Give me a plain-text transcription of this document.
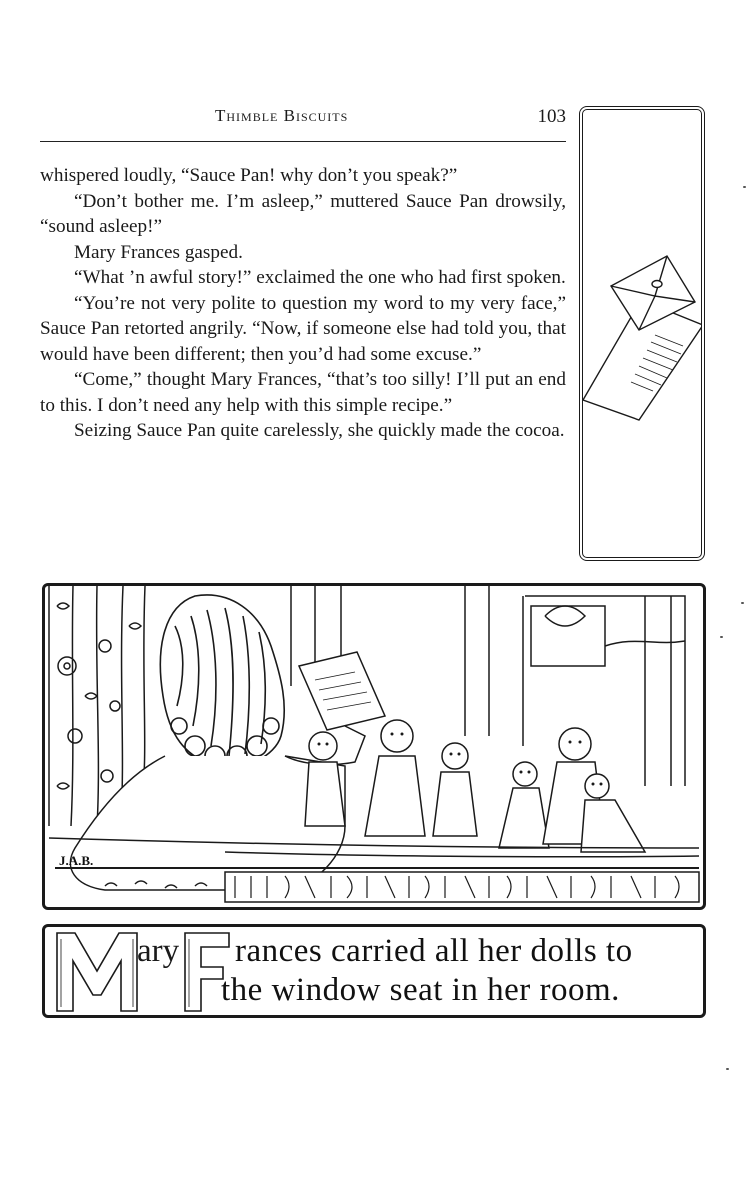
Thimble Biscuits	103

whispered loudly, “Sauce Pan! why don’t you speak?”

“Don’t bother me. I’m asleep,” muttered Sauce Pan drowsily, “sound asleep!”

Mary Frances gasped.

“What ’n awful story!” exclaimed the one who had first spoken.

“You’re not very polite to question my word to my very face,” Sauce Pan retorted angrily. “Now, if someone else had told you, that would have been different; then you’d had some excuse.”

“Come,” thought Mary Frances, “that’s too silly! I’ll put an end to this. I don’t need any help with this simple recipe.”

Seizing Sauce Pan quite carelessly, she quickly made the cocoa.

J.A.B.
ary rances carried all her dolls to
the window seat in her room.
